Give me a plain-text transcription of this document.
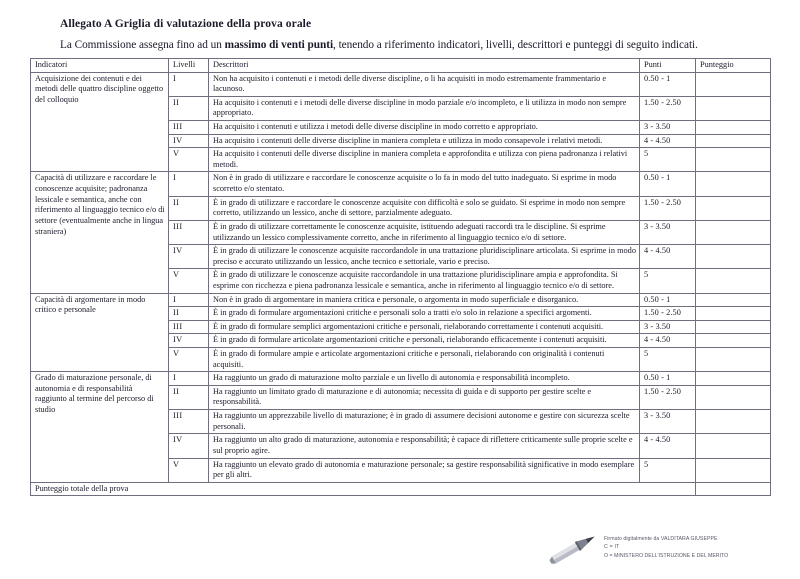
Allegato A Griglia di valutazione della prova orale
La Commissione assegna fino ad un massimo di venti punti, tenendo a riferimento indicatori, livelli, descrittori e punteggi di seguito indicati.
Indicatori	Livelli	Descrittori	Punti	Punteggio
Acquisizione dei contenuti e dei metodi delle quattro discipline oggetto del colloquio	I	Non ha acquisito i contenuti e i metodi delle diverse discipline, o li ha acquisiti in modo estremamente frammentario e lacunoso.	0.50 - 1	
	II	Ha acquisito i contenuti e i metodi delle diverse discipline in modo parziale e/o incompleto, e li utilizza in modo non sempre appropriato.	1.50 - 2.50	
	III	Ha acquisito i contenuti e utilizza i metodi delle diverse discipline in modo corretto e appropriato.	3 - 3.50	
	IV	Ha acquisito i contenuti delle diverse discipline in maniera completa e utilizza in modo consapevole i relativi metodi.	4 - 4.50	
	V	Ha acquisito i contenuti delle diverse discipline in maniera completa e approfondita e utilizza con piena padronanza i relativi metodi.	5	
Capacità di utilizzare e raccordare le conoscenze acquisite; padronanza lessicale e semantica, anche con riferimento al linguaggio tecnico e/o di settore (eventualmente anche in lingua straniera)	I	Non è in grado di utilizzare e raccordare le conoscenze acquisite o lo fa in modo del tutto inadeguato. Si esprime in modo scorretto e/o stentato.	0.50 - 1	
	II	È in grado di utilizzare e raccordare le conoscenze acquisite con difficoltà e solo se guidato. Si esprime in modo non sempre corretto, utilizzando un lessico, anche di settore, parzialmente adeguato.	1.50 - 2.50	
	III	È in grado di utilizzare correttamente le conoscenze acquisite, istituendo adeguati raccordi tra le discipline. Si esprime utilizzando un lessico complessivamente corretto, anche in riferimento al linguaggio tecnico e/o di settore.	3 - 3.50	
	IV	È in grado di utilizzare le conoscenze acquisite raccordandole in una trattazione pluridisciplinare articolata. Si esprime in modo preciso e accurato utilizzando un lessico, anche tecnico e settoriale, vario e preciso.	4 - 4.50	
	V	È in grado di utilizzare le conoscenze acquisite raccordandole in una trattazione pluridisciplinare ampia e approfondita. Si esprime con ricchezza e piena padronanza lessicale e semantica, anche in riferimento al linguaggio tecnico e/o di settore.	5	
Capacità di argomentare in modo critico e personale	I	Non è in grado di argomentare in maniera critica e personale, o argomenta in modo superficiale e disorganico.	0.50 - 1	
	II	È in grado di formulare argomentazioni critiche e personali solo a tratti e/o solo in relazione a specifici argomenti.	1.50 - 2.50	
	III	È in grado di formulare semplici argomentazioni critiche e personali, rielaborando correttamente i contenuti acquisiti.	3 - 3.50	
	IV	È in grado di formulare articolate argomentazioni critiche e personali, rielaborando efficacemente i contenuti acquisiti.	4 - 4.50	
	V	È in grado di formulare ampie e articolate argomentazioni critiche e personali, rielaborando con originalità i contenuti acquisiti.	5	
Grado di maturazione personale, di autonomia e di responsabilità raggiunto al termine del percorso di studio	I	Ha raggiunto un grado di maturazione molto parziale e un livello di autonomia e responsabilità incompleto.	0.50 - 1	
	II	Ha raggiunto un limitato grado di maturazione e di autonomia; necessita di guida e di supporto per gestire scelte e responsabilità.	1.50 - 2.50	
	III	Ha raggiunto un apprezzabile livello di maturazione; è in grado di assumere decisioni autonome e gestire con sicurezza scelte personali.	3 - 3.50	
	IV	Ha raggiunto un alto grado di maturazione, autonomia e responsabilità; è capace di riflettere criticamente sulle proprie scelte e sul proprio agire.	4 - 4.50	
	V	Ha raggiunto un elevato grado di autonomia e maturazione personale; sa gestire responsabilità significative in modo esemplare per gli altri.	5	
Punteggio totale della prova				
Firmato digitalmente da VALDITARA GIUSEPPE
C = IT
O = MINISTERO DELL'ISTRUZIONE E DEL MERITO
